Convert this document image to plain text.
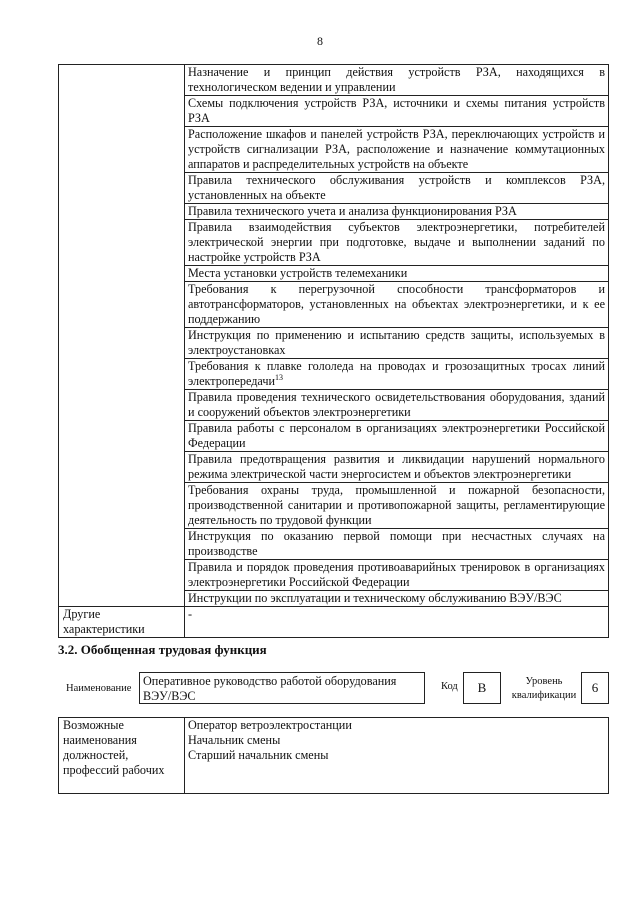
8
	Назначение и принцип действия устройств РЗА, находящихся в технологическом ведении и управлении
	Схемы подключения устройств РЗА, источники и схемы питания устройств РЗА
	Расположение шкафов и панелей устройств РЗА, переключающих устройств и устройств сигнализации РЗА, расположение и назначение коммутационных аппаратов и распределительных устройств на объекте
	Правила технического обслуживания устройств и комплексов РЗА, установленных на объекте
	Правила технического учета и анализа функционирования РЗА
	Правила взаимодействия субъектов электроэнергетики, потребителей электрической энергии при подготовке, выдаче и выполнении заданий по настройке устройств РЗА
	Места установки устройств телемеханики
	Требования к перегрузочной способности трансформаторов и автотрансформаторов, установленных на объектах электроэнергетики, и к ее поддержанию
	Инструкция по применению и испытанию средств защиты, используемых в электроустановках
	Требования к плавке гололеда на проводах и грозозащитных тросах линий электропередачи$^{13}$
	Правила проведения технического освидетельствования оборудования, зданий и сооружений объектов электроэнергетики
	Правила работы с персоналом в организациях электроэнергетики Российской Федерации
	Правила предотвращения развития и ликвидации нарушений нормального режима электрической части энергосистем и объектов электроэнергетики
	Требования охраны труда, промышленной и пожарной безопасности, производственной санитарии и противопожарной защиты, регламентирующие деятельность по трудовой функции
	Инструкция по оказанию первой помощи при несчастных случаях на производстве
	Правила и порядок проведения противоаварийных тренировок в организациях электроэнергетики Российской Федерации
	Инструкции по эксплуатации и техническому обслуживанию ВЭУ/ВЭС
Другие характеристики	-
3.2. Обобщенная трудовая функция
Наименование
Оперативное руководство работой оборудования ВЭУ/ВЭС
Код	B	Уровень квалификации
6
Возможные наименования должностей, профессий рабочих	
Оператор ветроэлектростанции
Начальник смены
Старший начальник смены
